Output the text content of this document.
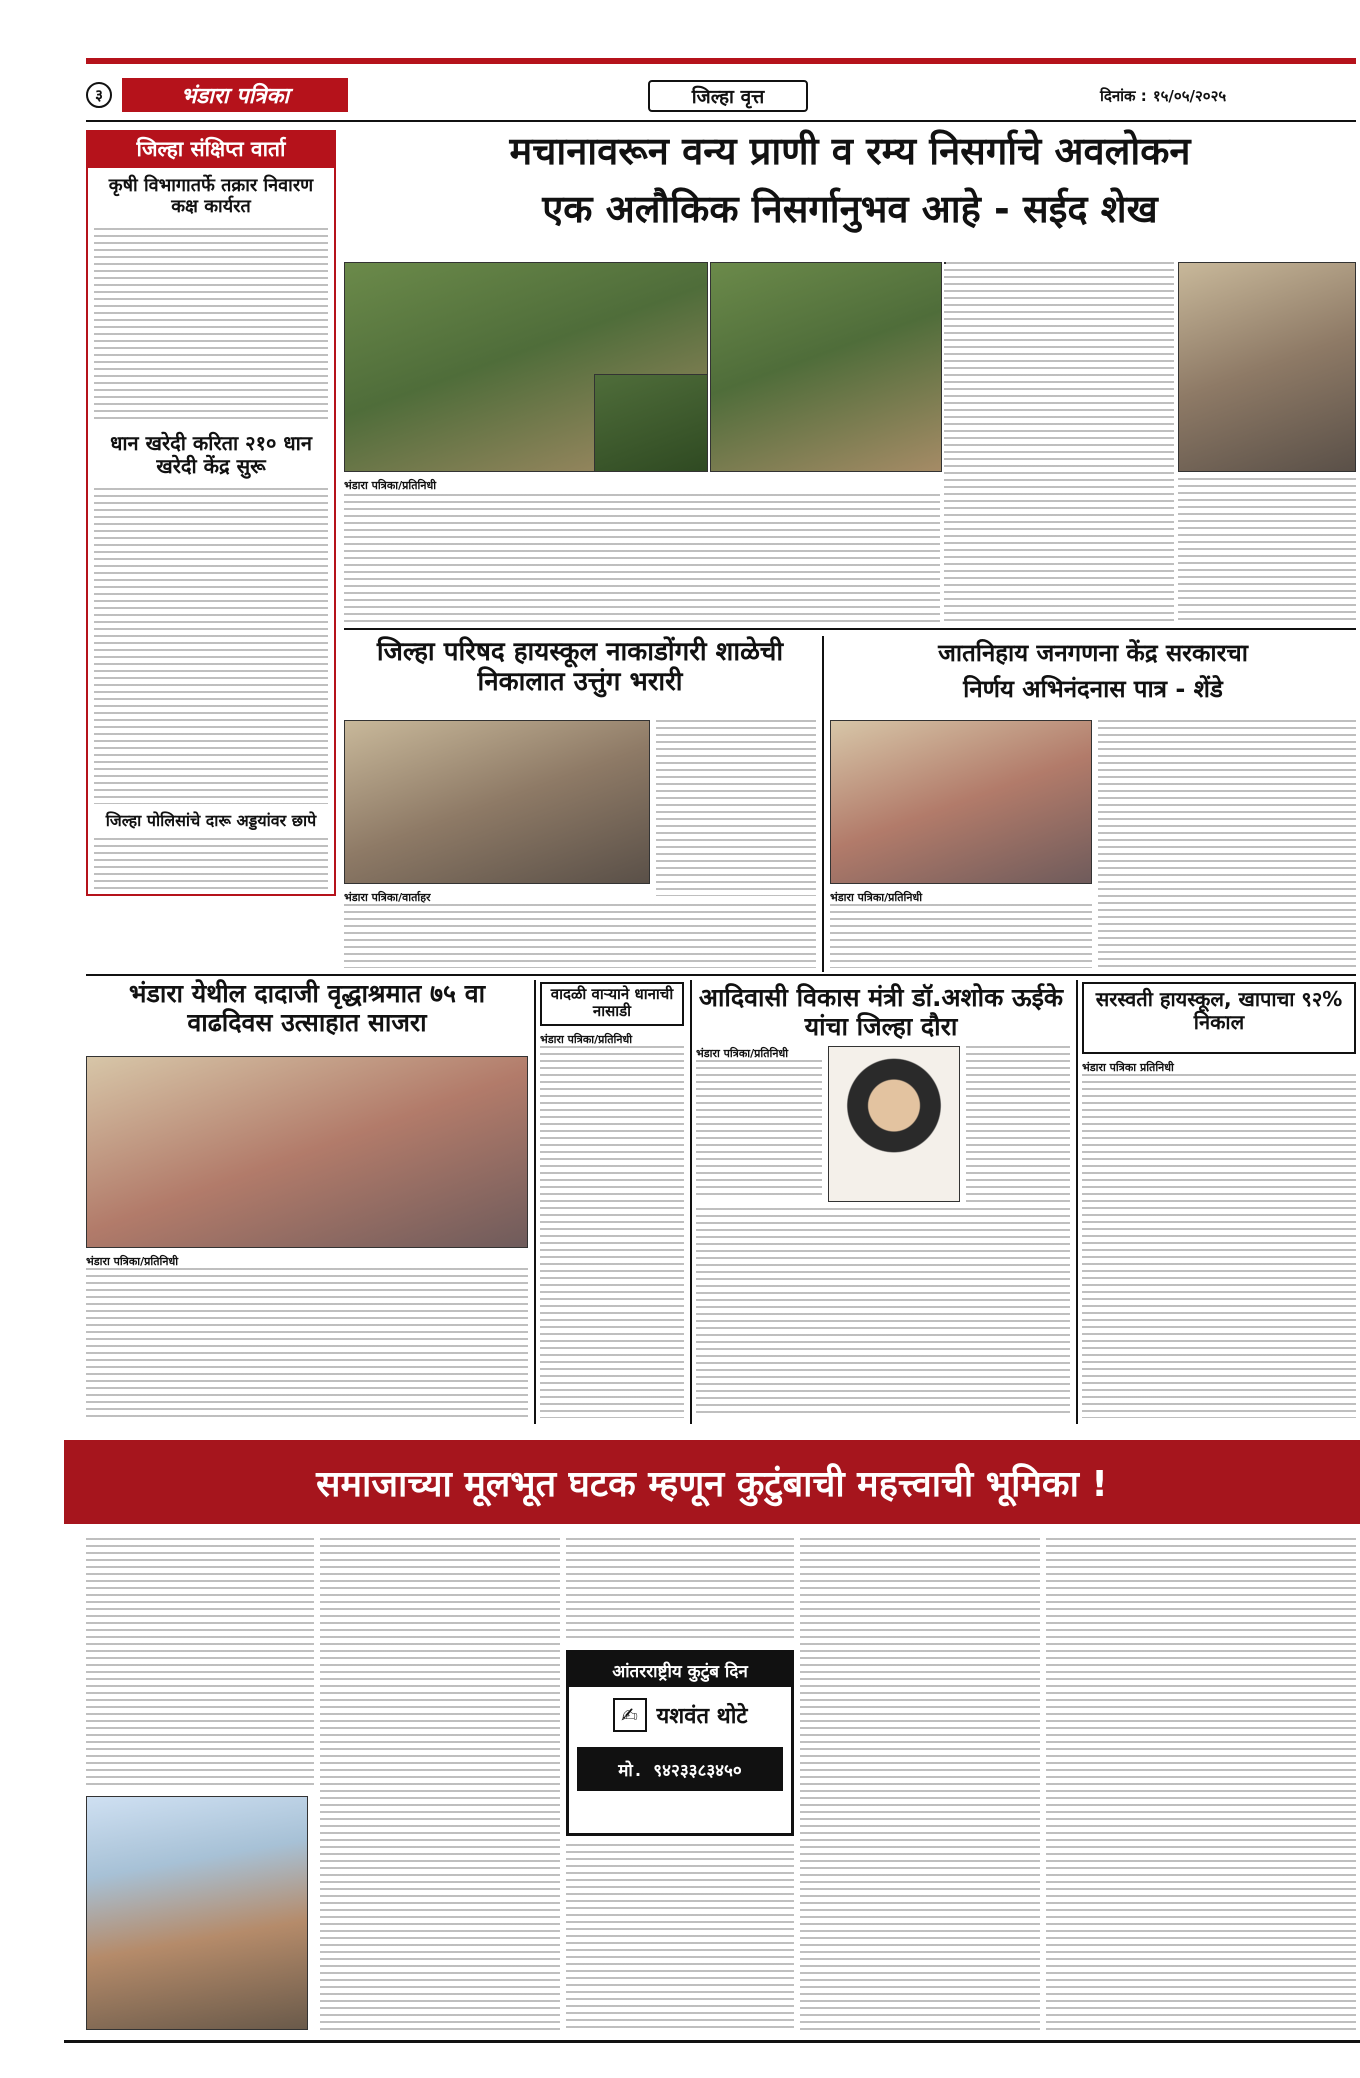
३	भंडारा पत्रिका	जिल्हा वृत्त	दिनांक : १५/०५/२०२५
जिल्हा संक्षिप्त वार्ता
कृषी विभागातर्फे तक्रार निवारण कक्ष कार्यरत
धान खरेदी करिता २१० धान खरेदी केंद्र सुरू
जिल्हा पोलिसांचे दारू अड्डयांवर छापे
मचानावरून वन्य प्राणी व रम्य निसर्गाचे अवलोकन
एक अलौकिक निसर्गानुभव आहे - सईद शेख
भंडारा पत्रिका/प्रतिनिधी
जिल्हा परिषद हायस्कूल नाकाडोंगरी शाळेची निकालात उत्तुंग भरारी
भंडारा पत्रिका/वार्ताहर
जातनिहाय जनगणना केंद्र सरकारचा
निर्णय अभिनंदनास पात्र - शेंडे
भंडारा पत्रिका/प्रतिनिधी
भंडारा येथील दादाजी वृद्धाश्रमात ७५ वा वाढदिवस उत्साहात साजरा
भंडारा पत्रिका/प्रतिनिधी
वादळी वाऱ्याने धानाची नासाडी
भंडारा पत्रिका/प्रतिनिधी
आदिवासी विकास मंत्री डॉ.अशोक ऊईके यांचा जिल्हा दौरा
भंडारा पत्रिका/प्रतिनिधी
सरस्वती हायस्कूल, खापाचा ९२% निकाल
भंडारा पत्रिका प्रतिनिधी
समाजाच्या मूलभूत घटक म्हणून कुटुंबाची महत्त्वाची भूमिका !
आंतरराष्ट्रीय कुटुंब दिन
✍ यशवंत थोटे
मो. ९४२३३८३४५०
